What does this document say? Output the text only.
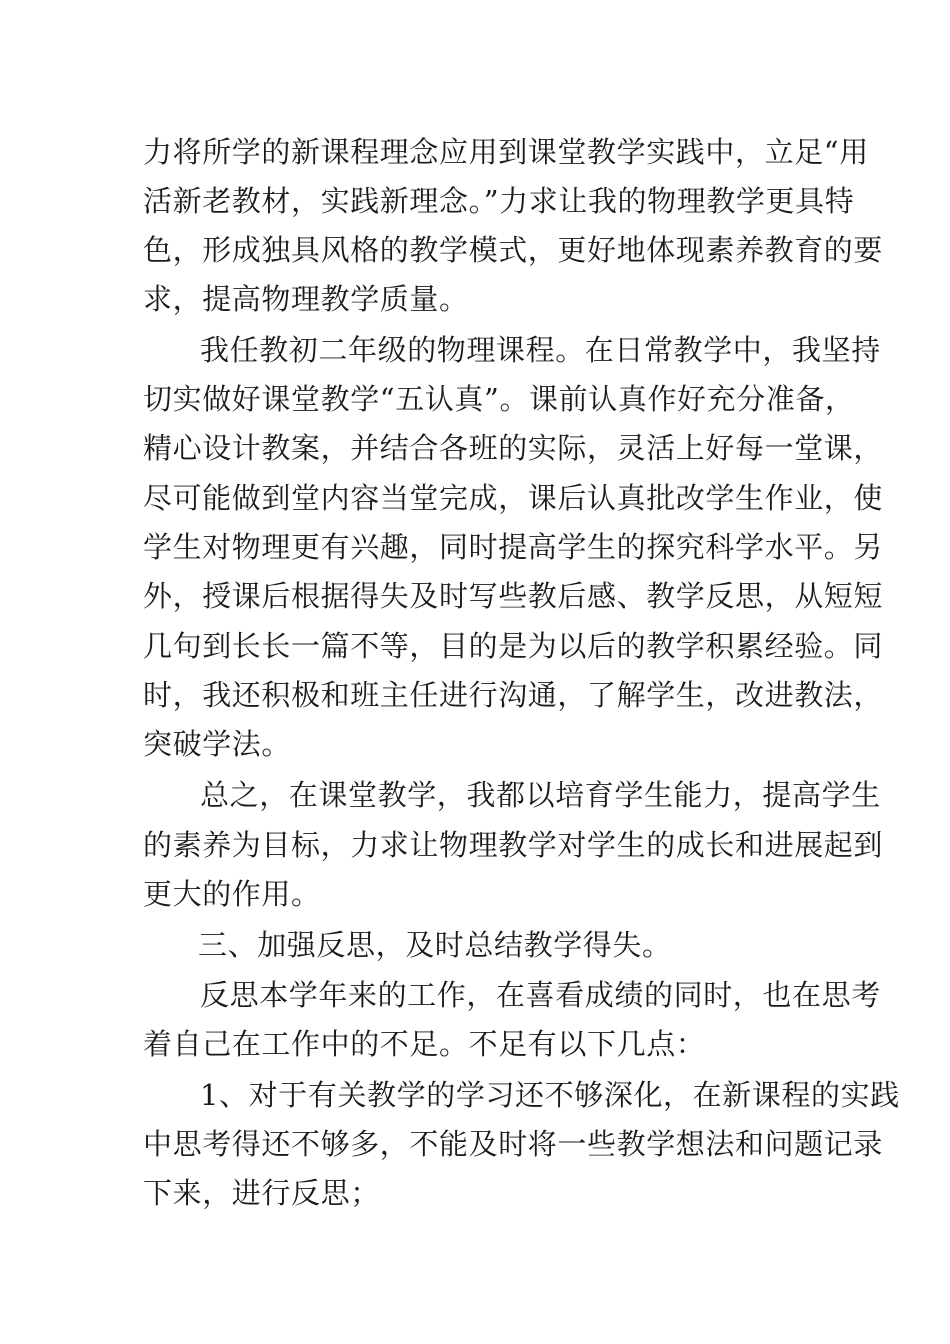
力将所学的新课程理念应用到课堂教学实践中，立足“用
活新老教材，实践新理念。”力求让我的物理教学更具特
色，形成独具风格的教学模式，更好地体现素养教育的要
求，提高物理教学质量。
我任教初二年级的物理课程。在日常教学中，我坚持
切实做好课堂教学“五认真”。课前认真作好充分准备，
精心设计教案，并结合各班的实际，灵活上好每一堂课，
尽可能做到堂内容当堂完成，课后认真批改学生作业，使
学生对物理更有兴趣，同时提高学生的探究科学水平。另
外，授课后根据得失及时写些教后感、教学反思，从短短
几句到长长一篇不等，目的是为以后的教学积累经验。同
时，我还积极和班主任进行沟通，了解学生，改进教法，
突破学法。
总之，在课堂教学，我都以培育学生能力，提高学生
的素养为目标，力求让物理教学对学生的成长和进展起到
更大的作用。
三、加强反思，及时总结教学得失。
反思本学年来的工作，在喜看成绩的同时，也在思考
着自己在工作中的不足。不足有以下几点：
1、对于有关教学的学习还不够深化，在新课程的实践
中思考得还不够多，不能及时将一些教学想法和问题记录
下来，进行反思；
